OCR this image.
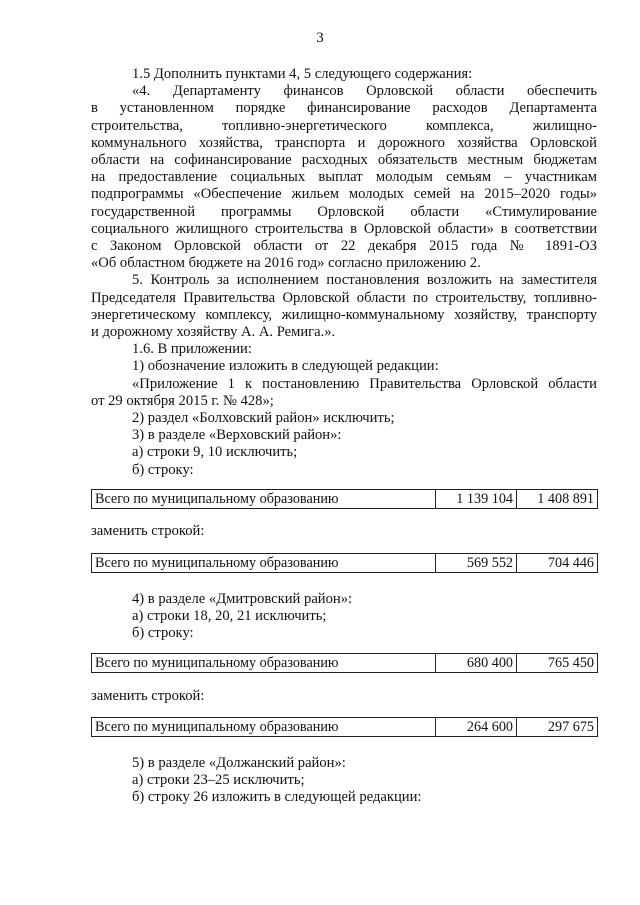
3
1.5 Дополнить пунктами 4, 5 следующего содержания:
«4. Департаменту финансов Орловской области обеспечить
в установленном порядке финансирование расходов Департамента
строительства, топливно-энергетического комплекса, жилищно-
коммунального хозяйства, транспорта и дорожного хозяйства Орловской
области на софинансирование расходных обязательств местным бюджетам
на предоставление социальных выплат молодым семьям – участникам
подпрограммы «Обеспечение жильем молодых семей на 2015–2020 годы»
государственной программы Орловской области «Стимулирование
социального жилищного строительства в Орловской области» в соответствии
с Законом Орловской области от 22 декабря 2015 года № 1891-ОЗ
«Об областном бюджете на 2016 год» согласно приложению 2.
5. Контроль за исполнением постановления возложить на заместителя
Председателя Правительства Орловской области по строительству, топливно-
энергетическому комплексу, жилищно-коммунальному хозяйству, транспорту
и дорожному хозяйству А. А. Ремига.».
1.6. В приложении:
1) обозначение изложить в следующей редакции:
«Приложение 1 к постановлению Правительства Орловской области
от 29 октября 2015 г. № 428»;
2) раздел «Болховский район» исключить;
3) в разделе «Верховский район»:
а) строки 9, 10 исключить;
б) строку:
Всего по муниципальному образованию	1 139 104	1 408 891
заменить строкой:
Всего по муниципальному образованию	569 552	704 446
4) в разделе «Дмитровский район»:
а) строки 18, 20, 21 исключить;
б) строку:
Всего по муниципальному образованию	680 400	765 450
заменить строкой:
Всего по муниципальному образованию	264 600	297 675
5) в разделе «Должанский район»:
а) строки 23–25 исключить;
б) строку 26 изложить в следующей редакции:
